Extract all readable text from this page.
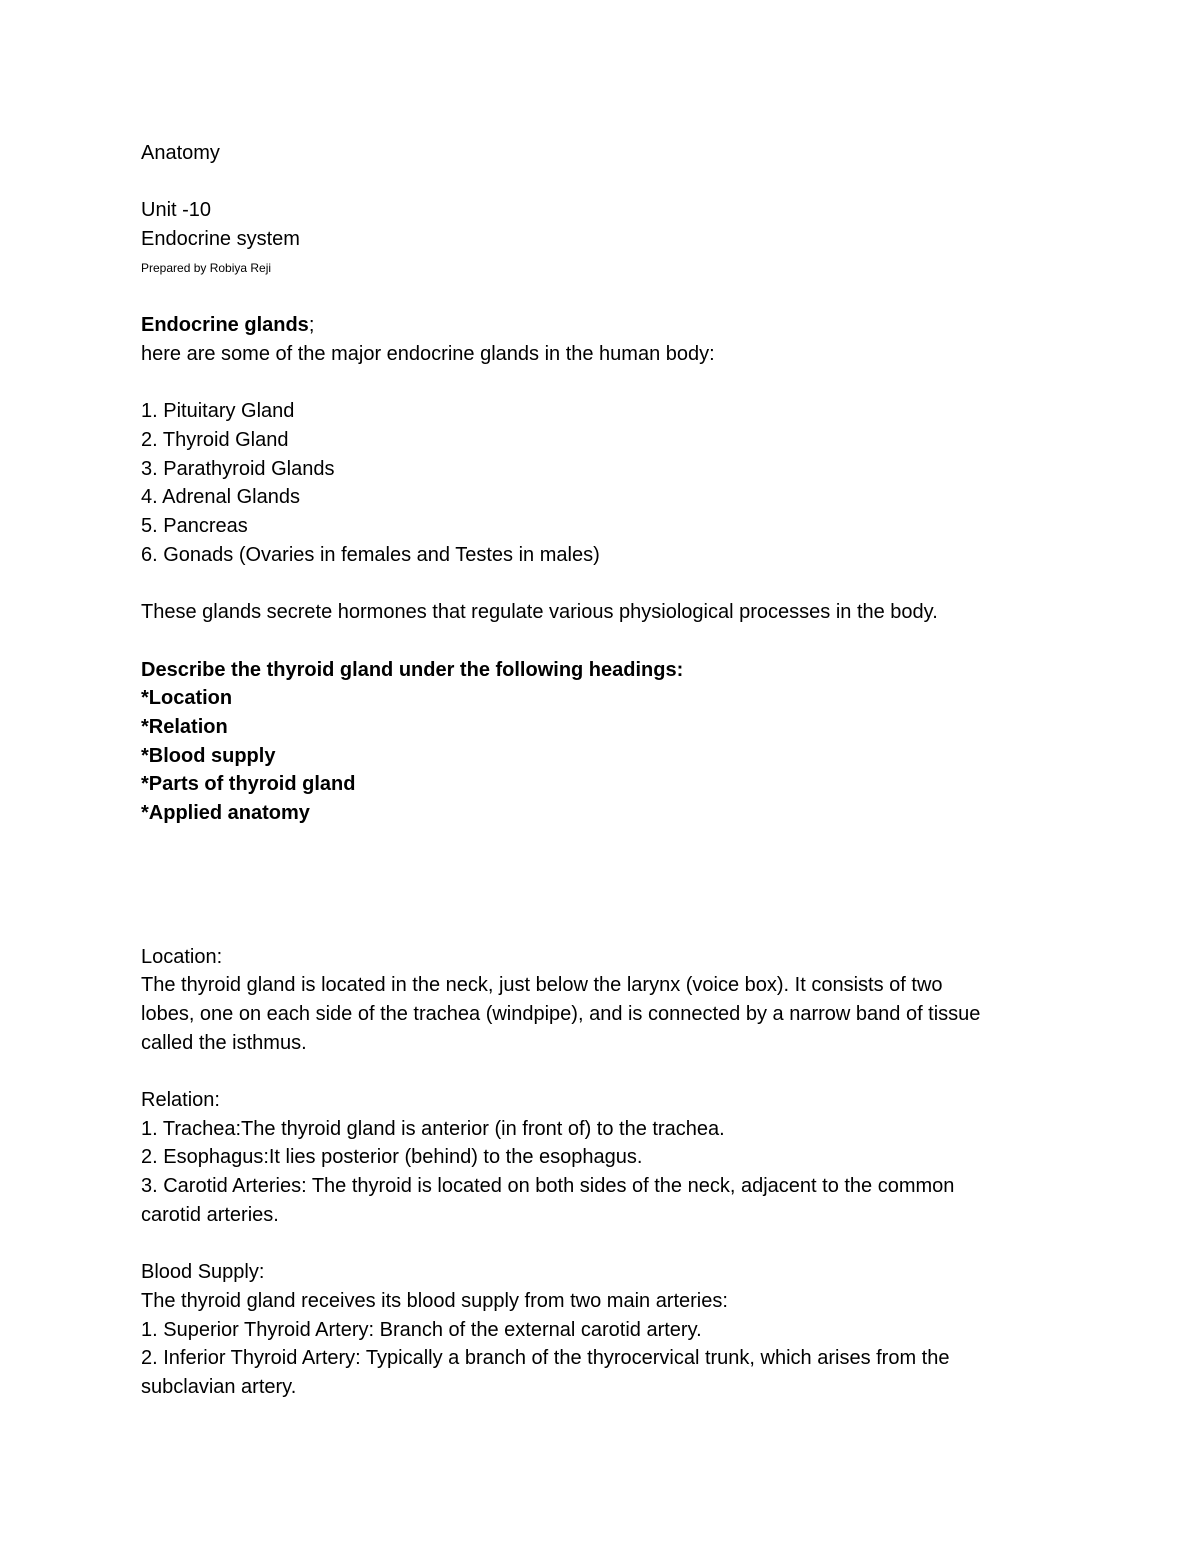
Anatomy
Unit -10
Endocrine system
Prepared by Robiya Reji
Endocrine glands;
here are some of the major endocrine glands in the human body:
1. Pituitary Gland
2. Thyroid Gland
3. Parathyroid Glands
4. Adrenal Glands
5. Pancreas
6. Gonads (Ovaries in females and Testes in males)
These glands secrete hormones that regulate various physiological processes in the body.
Describe the thyroid gland under the following headings:
*Location
*Relation
*Blood supply
*Parts of thyroid gland
*Applied anatomy
Location:
The thyroid gland is located in the neck, just below the larynx (voice box). It consists of two
lobes, one on each side of the trachea (windpipe), and is connected by a narrow band of tissue
called the isthmus.
Relation:
1. Trachea:The thyroid gland is anterior (in front of) to the trachea.
2. Esophagus:It lies posterior (behind) to the esophagus.
3. Carotid Arteries: The thyroid is located on both sides of the neck, adjacent to the common
carotid arteries.
Blood Supply:
The thyroid gland receives its blood supply from two main arteries:
1. Superior Thyroid Artery: Branch of the external carotid artery.
2. Inferior Thyroid Artery: Typically a branch of the thyrocervical trunk, which arises from the
subclavian artery.
